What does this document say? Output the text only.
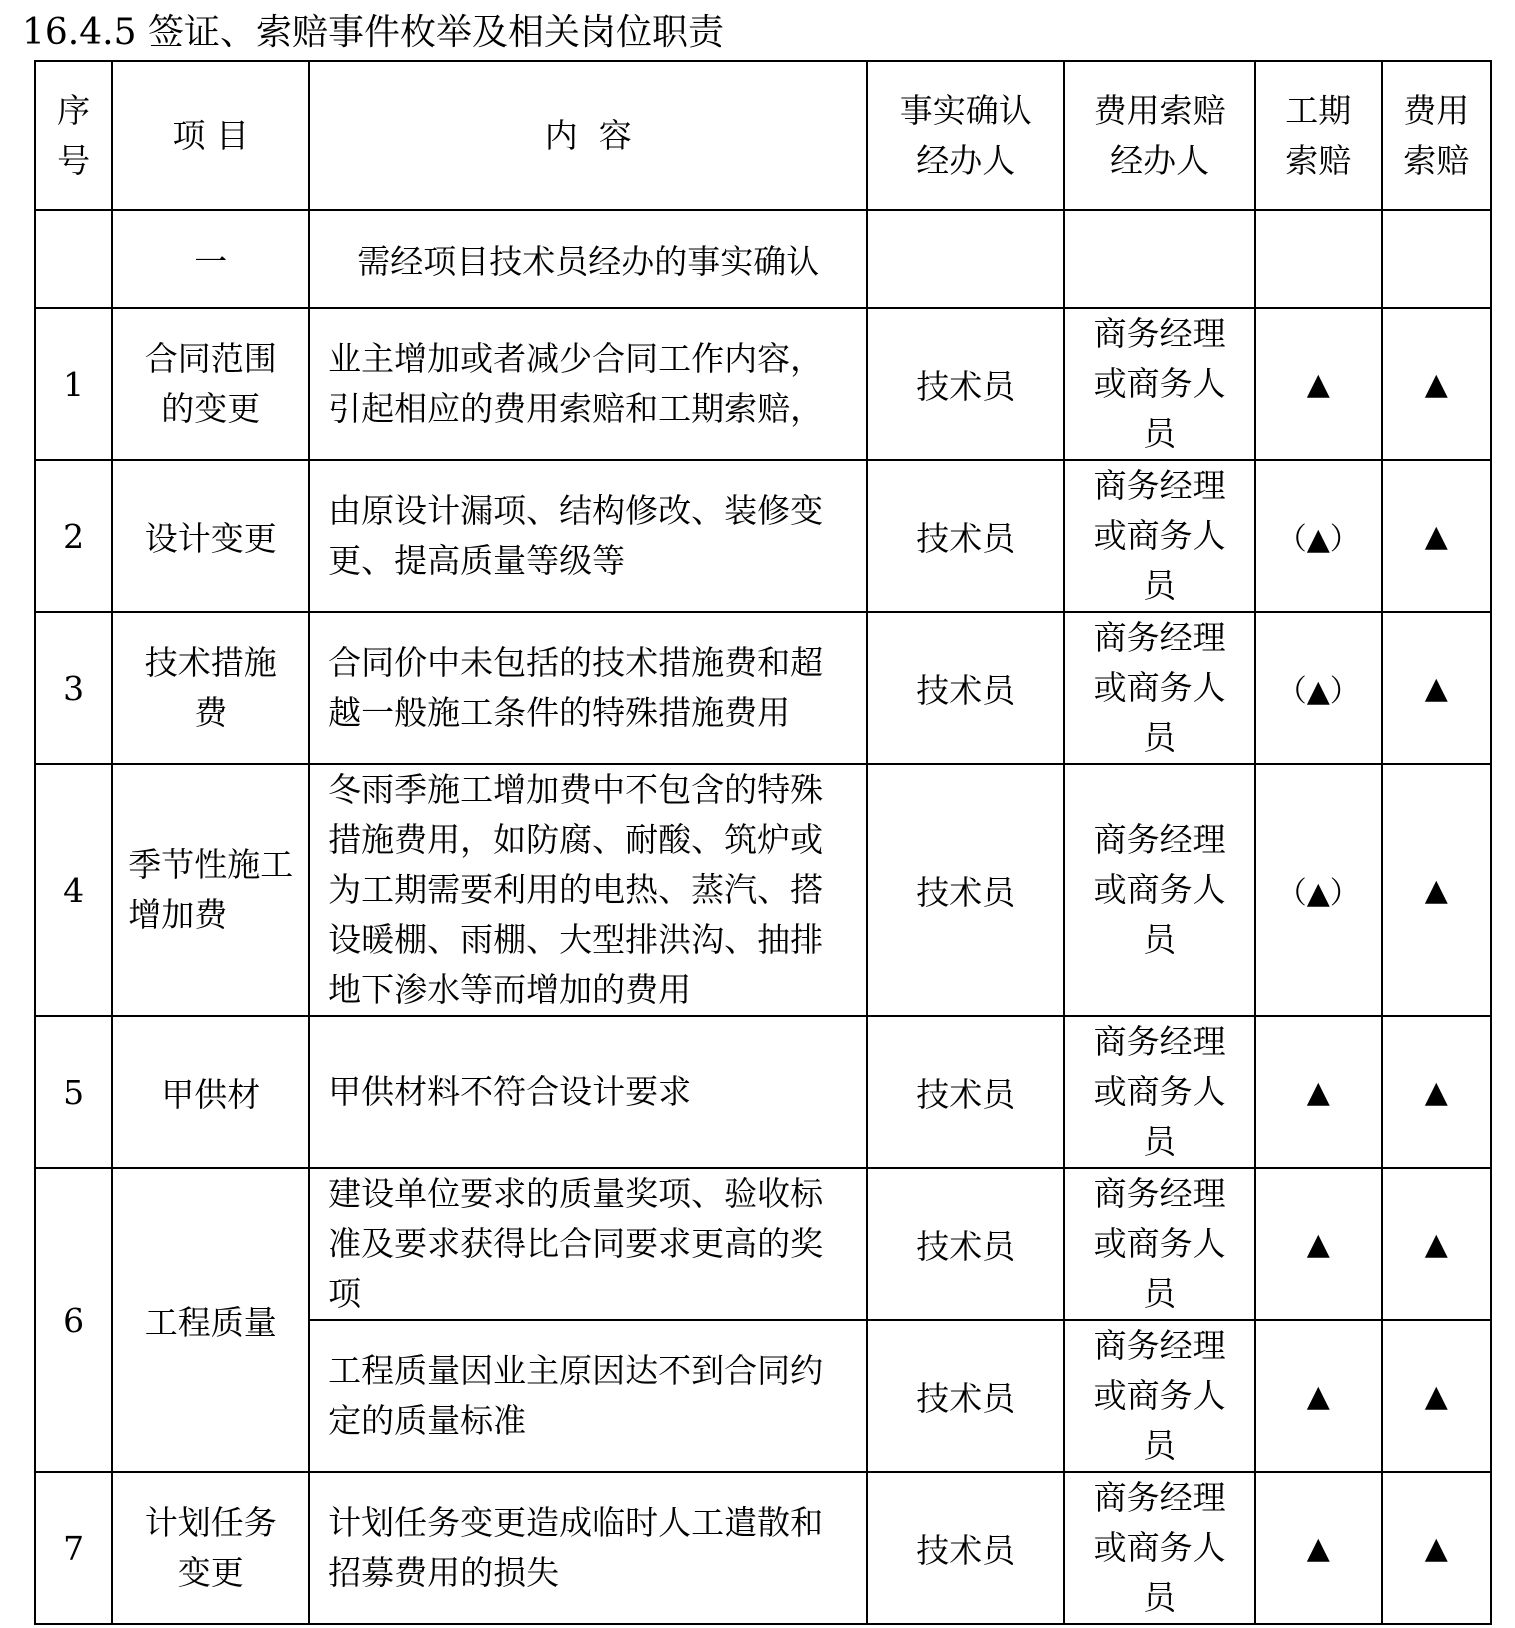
16.4.5 签证、索赔事件枚举及相关岗位职责
序号	项 目	内  容	事实确认经办人	费用索赔经办人	工期索赔	费用索赔

	一	需经项目技术员经办的事实确认				
1	合同范围的变更	业主增加或者减少合同工作内容，引起相应的费用索赔和工期索赔，	技术员	商务经理或商务人员	▲	▲
2	设计变更	由原设计漏项、结构修改、装修变更、提高质量等级等	技术员	商务经理或商务人员	（▲）	▲
3	技术措施费	合同价中未包括的技术措施费和超越一般施工条件的特殊措施费用	技术员	商务经理或商务人员	（▲）	▲
4	季节性施工增加费	冬雨季施工增加费中不包含的特殊措施费用，如防腐、耐酸、筑炉或为工期需要利用的电热、蒸汽、搭设暖棚、雨棚、大型排洪沟、抽排地下渗水等而增加的费用	技术员	商务经理或商务人员	（▲）	▲
5	甲供材	甲供材料不符合设计要求	技术员	商务经理或商务人员	▲	▲
6	工程质量	建设单位要求的质量奖项、验收标准及要求获得比合同要求更高的奖项	技术员	商务经理或商务人员	▲	▲
		工程质量因业主原因达不到合同约定的质量标准	技术员	商务经理或商务人员	▲	▲
7	计划任务变更	计划任务变更造成临时人工遣散和招募费用的损失	技术员	商务经理或商务人员	▲	▲
